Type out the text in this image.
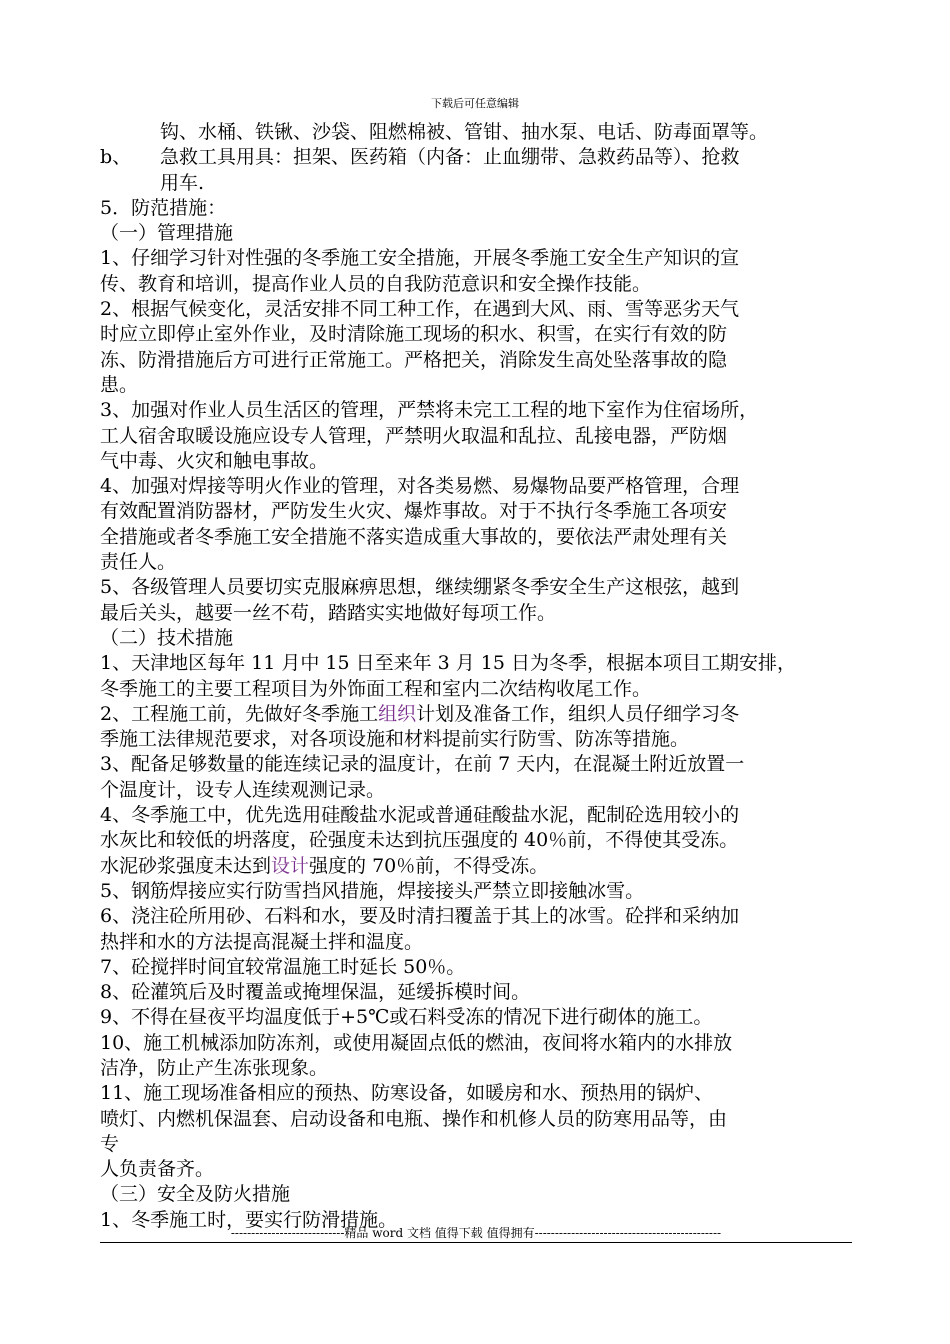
下载后可任意编辑
钩、水桶、铁锹、沙袋、阻燃棉被、管钳、抽水泵、电话、防毒面罩等。
b、	急救工具用具：担架、医药箱（内备：止血绷带、急救药品等）、抢救
用车.
5．防范措施：
（一）管理措施
1、仔细学习针对性强的冬季施工安全措施，开展冬季施工安全生产知识的宣
传、教育和培训，提高作业人员的自我防范意识和安全操作技能。
2、根据气候变化，灵活安排不同工种工作，在遇到大风、雨、雪等恶劣天气
时应立即停止室外作业，及时清除施工现场的积水、积雪，在实行有效的防
冻、防滑措施后方可进行正常施工。严格把关，消除发生高处坠落事故的隐
患。
3、加强对作业人员生活区的管理，严禁将未完工工程的地下室作为住宿场所，
工人宿舍取暖设施应设专人管理，严禁明火取温和乱拉、乱接电器，严防烟
气中毒、火灾和触电事故。
4、加强对焊接等明火作业的管理，对各类易燃、易爆物品要严格管理，合理
有效配置消防器材，严防发生火灾、爆炸事故。对于不执行冬季施工各项安
全措施或者冬季施工安全措施不落实造成重大事故的，要依法严肃处理有关
责任人。
5、各级管理人员要切实克服麻痹思想，继续绷紧冬季安全生产这根弦，越到
最后关头，越要一丝不苟，踏踏实实地做好每项工作。
（二）技术措施
1、天津地区每年 11 月中 15 日至来年 3 月 15 日为冬季，根据本项目工期安排，
冬季施工的主要工程项目为外饰面工程和室内二次结构收尾工作。
2、工程施工前，先做好冬季施工组织计划及准备工作，组织人员仔细学习冬
季施工法律规范要求，对各项设施和材料提前实行防雪、防冻等措施。
3、配备足够数量的能连续记录的温度计，在前 7 天内，在混凝土附近放置一
个温度计，设专人连续观测记录。
4、冬季施工中，优先选用硅酸盐水泥或普通硅酸盐水泥，配制砼选用较小的
水灰比和较低的坍落度，砼强度未达到抗压强度的 40％前，不得使其受冻。
水泥砂浆强度未达到设计强度的 70％前，不得受冻。
5、钢筋焊接应实行防雪挡风措施，焊接接头严禁立即接触冰雪。
6、浇注砼所用砂、石料和水，要及时清扫覆盖于其上的冰雪。砼拌和采纳加
热拌和水的方法提高混凝土拌和温度。
7、砼搅拌时间宜较常温施工时延长 50％。
8、砼灌筑后及时覆盖或掩埋保温，延缓拆模时间。
9、不得在昼夜平均温度低于+5℃或石料受冻的情况下进行砌体的施工。
10、施工机械添加防冻剂，或使用凝固点低的燃油，夜间将水箱内的水排放
洁净，防止产生冻张现象。
11、施工现场准备相应的预热、防寒设备，如暖房和水、预热用的锅炉、
喷灯、内燃机保温套、启动设备和电瓶、操作和机修人员的防寒用品等，由
专
人负责备齐。
（三）安全及防火措施
1、冬季施工时，要实行防滑措施。
----------------------------精品 word 文档 值得下载 值得拥有----------------------------------------------
